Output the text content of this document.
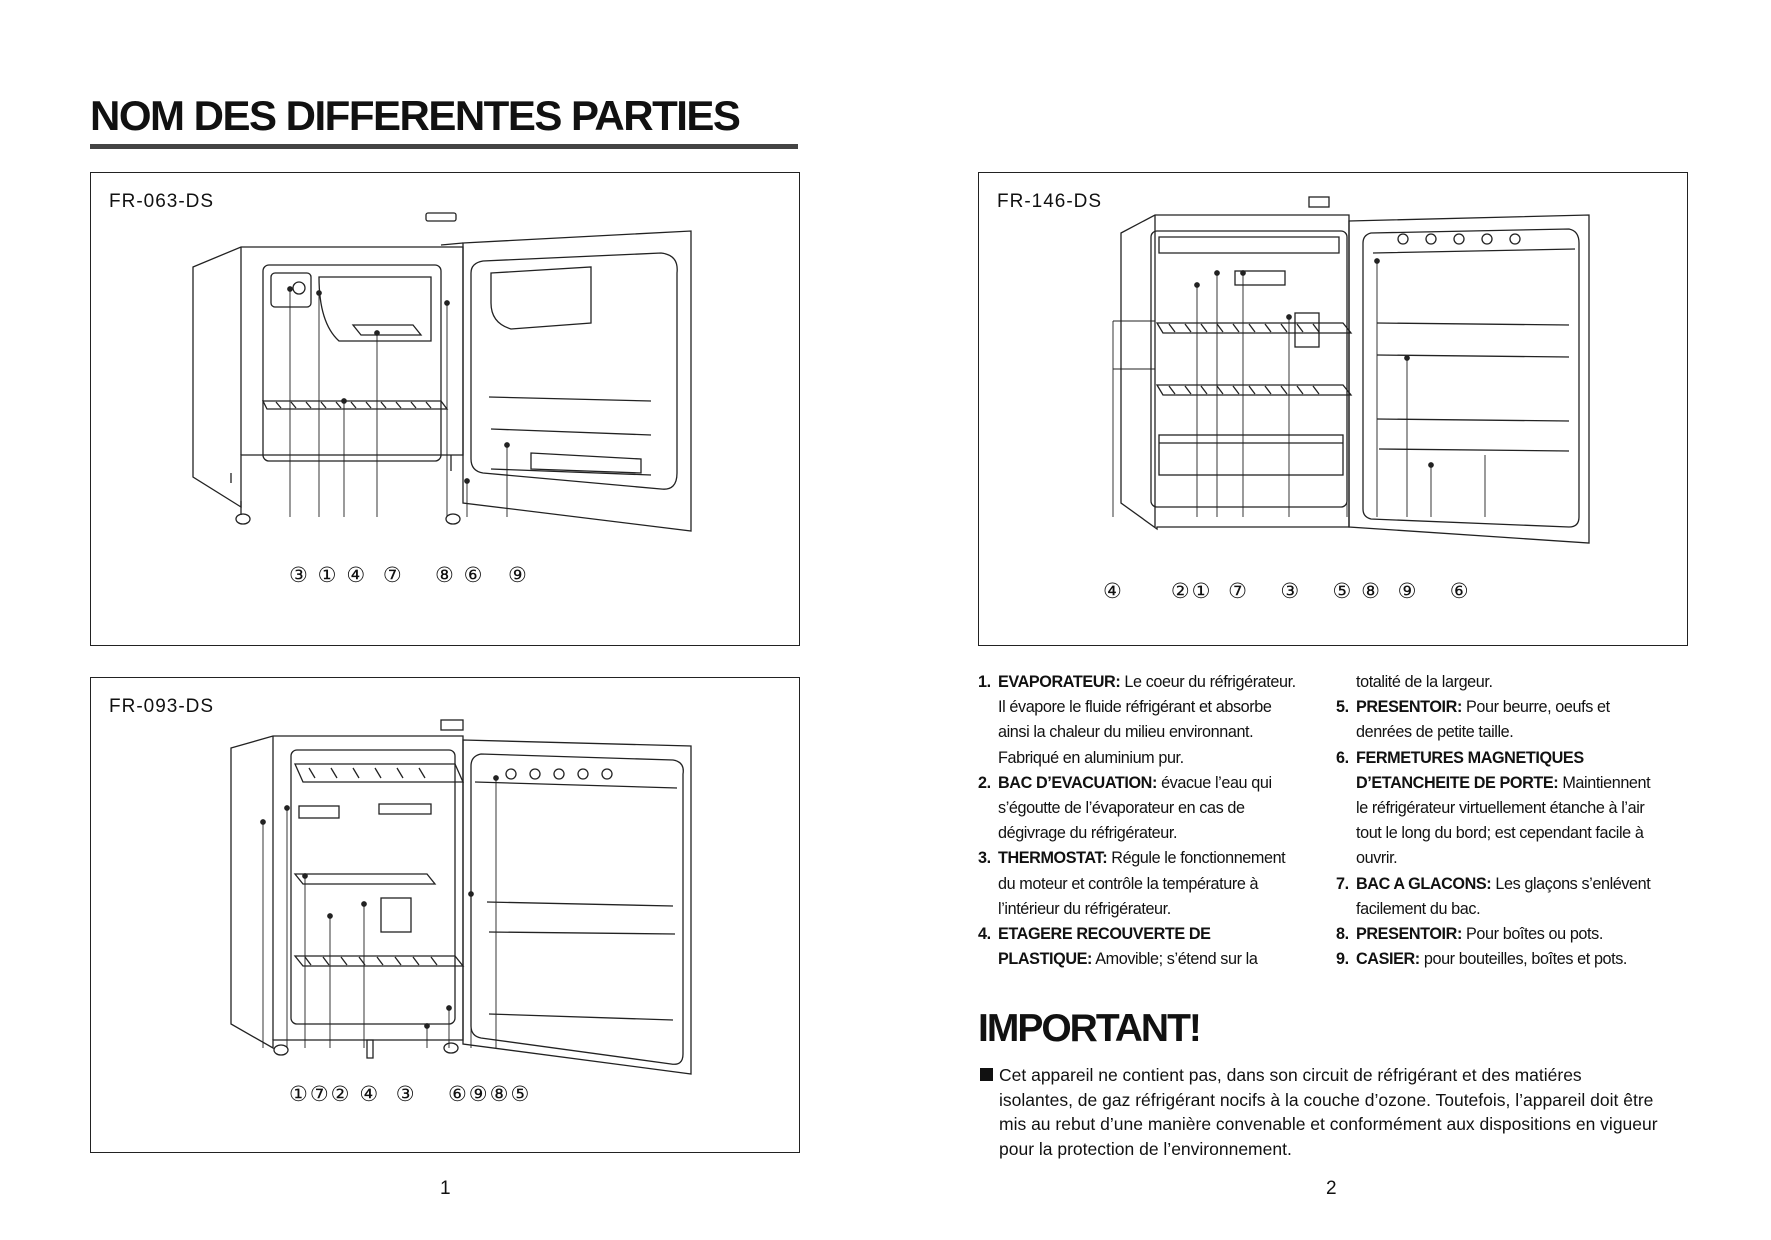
NOM DES DIFFERENTES PARTIES
FR-063-DS
③ ① ④  ⑦    ⑧ ⑥   ⑨
FR-146-DS
④      ②①  ⑦    ③    ⑤ ⑧  ⑨    ⑥
FR-093-DS
①⑦② ④  ③    ⑥⑨⑧⑤
1. EVAPORATEUR: Le coeur du réfrigérateur. Il évapore le fluide réfrigérant et absorbe ainsi la chaleur du milieu environnant. Fabriqué en aluminium pur.
2. BAC D’EVACUATION: évacue l’eau qui s’égoutte de l’évaporateur en cas de dégivrage du réfrigérateur.
3. THERMOSTAT: Régule le fonctionnement du moteur et contrôle la température à l’intérieur du réfrigérateur.
4. ETAGERE RECOUVERTE DE PLASTIQUE: Amovible; s’étend sur la
totalité de la largeur.
5. PRESENTOIR: Pour beurre, oeufs et denrées de petite taille.
6. FERMETURES MAGNETIQUES D’ETANCHEITE DE PORTE: Maintiennent le réfrigérateur virtuellement étanche à l’air tout le long du bord; est cependant facile à ouvrir.
7. BAC A GLACONS: Les glaçons s’enlévent facilement du bac.
8. PRESENTOIR: Pour boîtes ou pots.
9. CASIER: pour bouteilles, boîtes et pots.
IMPORTANT!
Cet appareil ne contient pas, dans son circuit de réfrigérant et des matiéres isolantes, de gaz réfrigérant nocifs à la couche d’ozone. Toutefois, l’appareil doit être mis au rebut d’une manière convenable et conformément aux dispositions en vigueur pour la protection de l’environnement.
1	2
